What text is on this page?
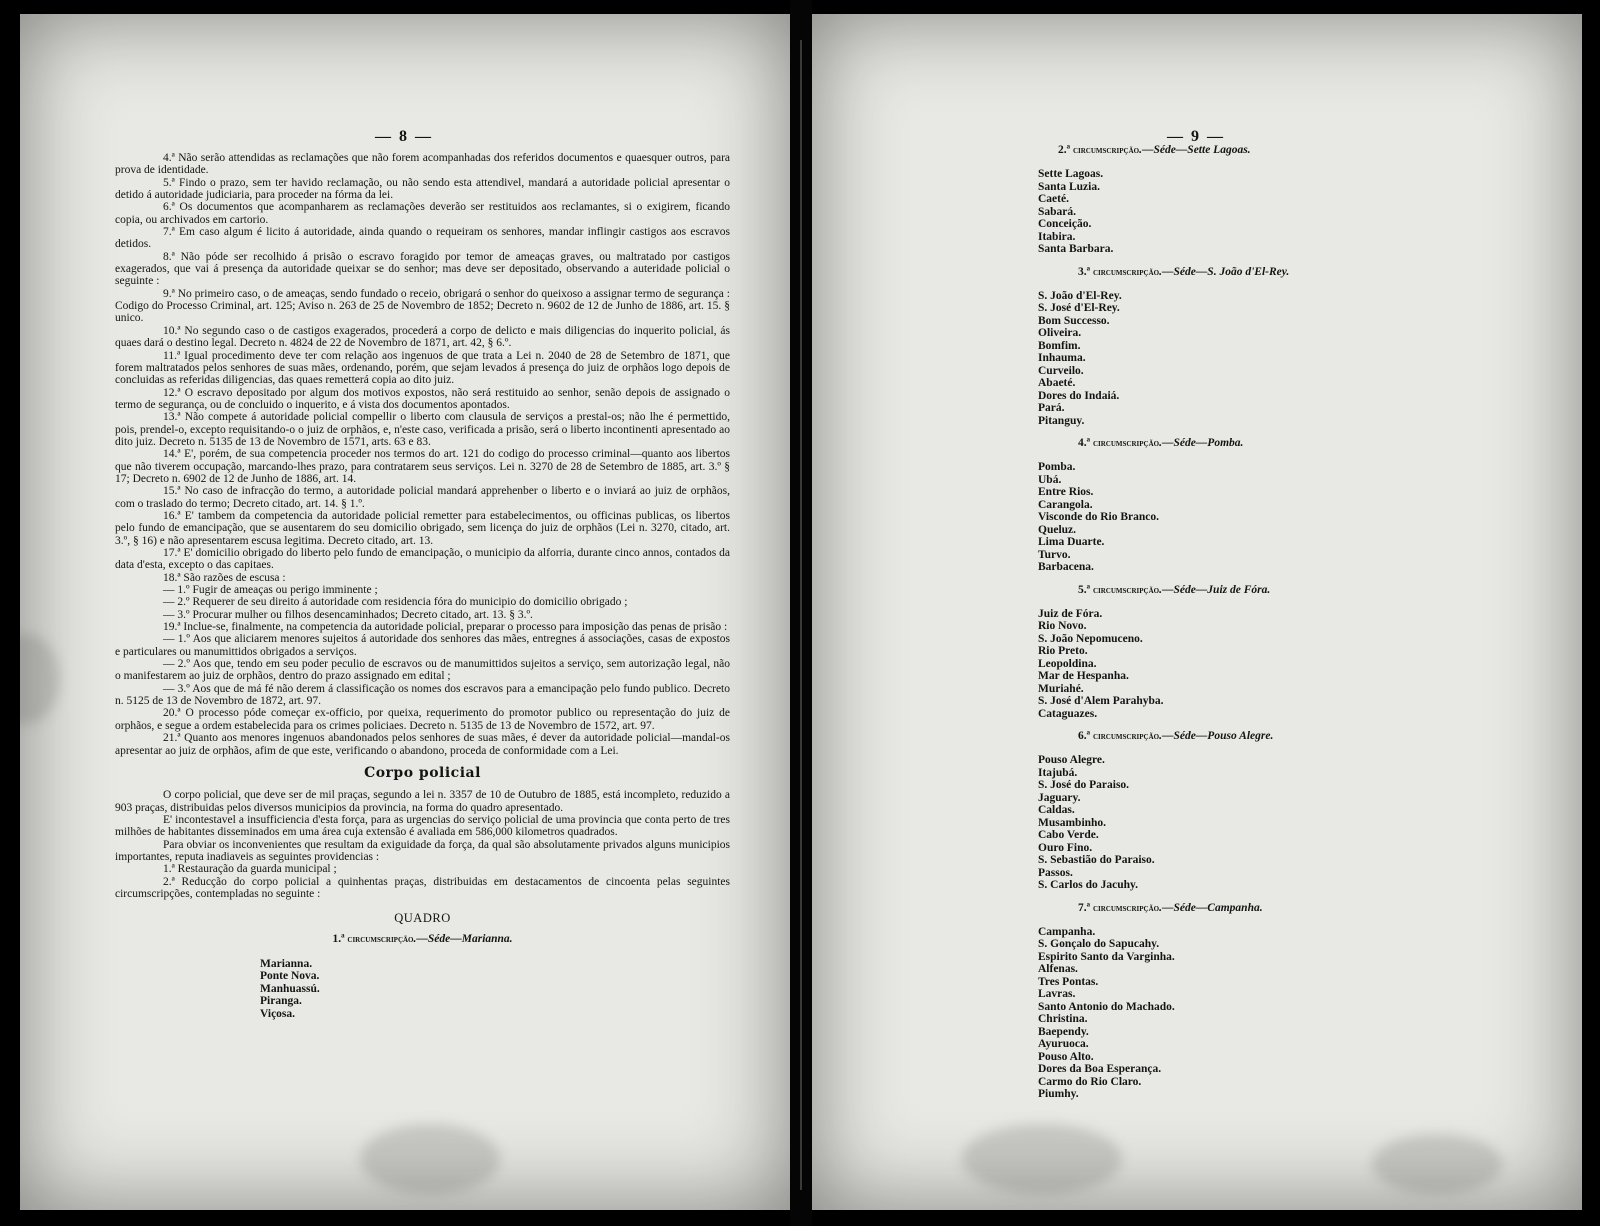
— 8 —

4.ª Não serão attendidas as reclamações que não forem acompanhadas dos referidos documentos e quaesquer outros, para prova de identidade.

5.ª Findo o prazo, sem ter havido reclamação, ou não sendo esta attendivel, mandará a autoridade policial apresentar o detido á autoridade judiciaria, para proceder na fórma da lei.

6.ª Os documentos que acompanharem as reclamações deverão ser restituidos aos reclamantes, si o exigirem, ficando copia, ou archivados em cartorio.

7.ª Em caso algum é licito á autoridade, ainda quando o requeiram os senhores, mandar inflingir castigos aos escravos detidos.

8.ª Não póde ser recolhido á prisão o escravo foragido por temor de ameaças graves, ou maltratado por castigos exagerados, que vai á presença da autoridade queixar se do senhor; mas deve ser depositado, observando a auteridade policial o seguinte :

9.ª No primeiro caso, o de ameaças, sendo fundado o receio, obrigará o senhor do queixoso a assignar termo de segurança : Codigo do Processo Criminal, art. 125; Aviso n. 263 de 25 de Novembro de 1852; Decreto n. 9602 de 12 de Junho de 1886, art. 15. § unico.

10.ª No segundo caso o de castigos exagerados, procederá a corpo de delicto e mais diligencias do inquerito policial, ás quaes dará o destino legal. Decreto n. 4824 de 22 de Novembro de 1871, art. 42, § 6.º.

11.ª Igual procedimento deve ter com relação aos ingenuos de que trata a Lei n. 2040 de 28 de Setembro de 1871, que forem maltratados pelos senhores de suas mães, ordenando, porém, que sejam levados á presença do juiz de orphãos logo depois de concluidas as referidas diligencias, das quaes remetterá copia ao dito juiz.

12.ª O escravo depositado por algum dos motivos expostos, não será restituido ao senhor, senão depois de assignado o termo de segurança, ou de concluido o inquerito, e á vista dos documentos apontados.

13.ª Não compete á autoridade policial compellir o liberto com clausula de serviços a prestal-os; não lhe é permettido, pois, prendel-o, excepto requisitando-o o juiz de orphãos, e, n'este caso, verificada a prisão, será o liberto incontinenti apresentado ao dito juiz. Decreto n. 5135 de 13 de Novembro de 1571, arts. 63 e 83.

14.ª E', porém, de sua competencia proceder nos termos do art. 121 do codigo do processo criminal—quanto aos libertos que não tiverem occupação, marcando-lhes prazo, para contratarem seus serviços. Lei n. 3270 de 28 de Setembro de 1885, art. 3.º § 17; Decreto n. 6902 de 12 de Junho de 1886, art. 14.

15.ª No caso de infracção do termo, a autoridade policial mandará apprehenber o liberto e o inviará ao juiz de orphãos, com o traslado do termo; Decreto citado, art. 14. § 1.º.

16.ª E' tambem da competencia da autoridade policial remetter para estabelecimentos, ou officinas publicas, os libertos pelo fundo de emancipação, que se ausentarem do seu domicilio obrigado, sem licença do juiz de orphãos (Lei n. 3270, citado, art. 3.º, § 16) e não apresentarem escusa legitima. Decreto citado, art. 13.

17.ª E' domicilio obrigado do liberto pelo fundo de emancipação, o municipio da alforria, durante cinco annos, contados da data d'esta, excepto o das capitaes.

18.ª São razões de escusa :

— 1.º Fugir de ameaças ou perigo imminente ;

— 2.º Requerer de seu direito á autoridade com residencia fóra do municipio do domicilio obrigado ;

— 3.º Procurar mulher ou filhos desencaminhados; Decreto citado, art. 13. § 3.º.

19.ª Inclue-se, finalmente, na competencia da autoridade policial, preparar o processo para imposição das penas de prisão :

— 1.º Aos que aliciarem menores sujeitos á autoridade dos senhores das mães, entregnes á associações, casas de expostos e particulares ou manumittidos obrigados a serviços.

— 2.º Aos que, tendo em seu poder peculio de escravos ou de manumittidos sujeitos a serviço, sem autorização legal, não o manifestarem ao juiz de orphãos, dentro do prazo assignado em edital ;

— 3.º Aos que de má fé não derem á classificação os nomes dos escravos para a emancipação pelo fundo publico. Decreto n. 5125 de 13 de Novembro de 1872, art. 97.

20.ª O processo póde começar ex-officio, por queixa, requerimento do promotor publico ou representação do juiz de orphãos, e segue a ordem estabelecida para os crimes policiaes. Decreto n. 5135 de 13 de Novembro de 1572, art. 97.

21.ª Quanto aos menores ingenuos abandonados pelos senhores de suas mães, é dever da autoridade policial—mandal-os apresentar ao juiz de orphãos, afim de que este, verificando o abandono, proceda de conformidade com a Lei.

Corpo policial

O corpo policial, que deve ser de mil praças, segundo a lei n. 3357 de 10 de Outubro de 1885, está incompleto, reduzido a 903 praças, distribuidas pelos diversos municipios da provincia, na forma do quadro apresentado.

E' incontestavel a insufficiencia d'esta força, para as urgencias do serviço policial de uma provincia que conta perto de tres milhões de habitantes disseminados em uma área cuja extensão é avaliada em 586,000 kilometros quadrados.

Para obviar os inconvenientes que resultam da exiguidade da força, da qual são absolutamente privados alguns municipios importantes, reputa inadiaveis as seguintes providencias :

1.ª Restauração da guarda municipal ;

2.ª Reducção do corpo policial a quinhentas praças, distribuidas em destacamentos de cincoenta pelas seguintes circumscripções, contempladas no seguinte :

QUADRO
1.ª circumscripção.—Séde—Marianna.
Marianna.
Ponte Nova.
Manhuassú.
Piranga.
Viçosa.
— 9 —
2.ª circumscripção.—Séde—Sette Lagoas.
Sette Lagoas.
Santa Luzia.
Caeté.
Sabará.
Conceição.
Itabira.
Santa Barbara.
3.ª circumscripção.—Séde—S. João d'El-Rey.
S. João d'El-Rey.
S. José d'El-Rey.
Bom Successo.
Oliveira.
Bomfim.
Inhauma.
Curveilo.
Abaeté.
Dores do Indaiá.
Pará.
Pitanguy.
4.ª circumscripção.—Séde—Pomba.
Pomba.
Ubá.
Entre Rios.
Carangola.
Visconde do Rio Branco.
Queluz.
Lima Duarte.
Turvo.
Barbacena.
5.ª circumscripção.—Séde—Juiz de Fóra.
Juiz de Fóra.
Rio Novo.
S. João Nepomuceno.
Rio Preto.
Leopoldina.
Mar de Hespanha.
Muriahé.
S. José d'Alem Parahyba.
Cataguazes.
6.ª circumscripção.—Séde—Pouso Alegre.
Pouso Alegre.
Itajubá.
S. José do Paraiso.
Jaguary.
Caldas.
Musambinho.
Cabo Verde.
Ouro Fino.
S. Sebastião do Paraiso.
Passos.
S. Carlos do Jacuhy.
7.ª circumscripção.—Séde—Campanha.
Campanha.
S. Gonçalo do Sapucahy.
Espirito Santo da Varginha.
Alfenas.
Tres Pontas.
Lavras.
Santo Antonio do Machado.
Christina.
Baependy.
Ayuruoca.
Pouso Alto.
Dores da Boa Esperança.
Carmo do Rio Claro.
Piumhy.
